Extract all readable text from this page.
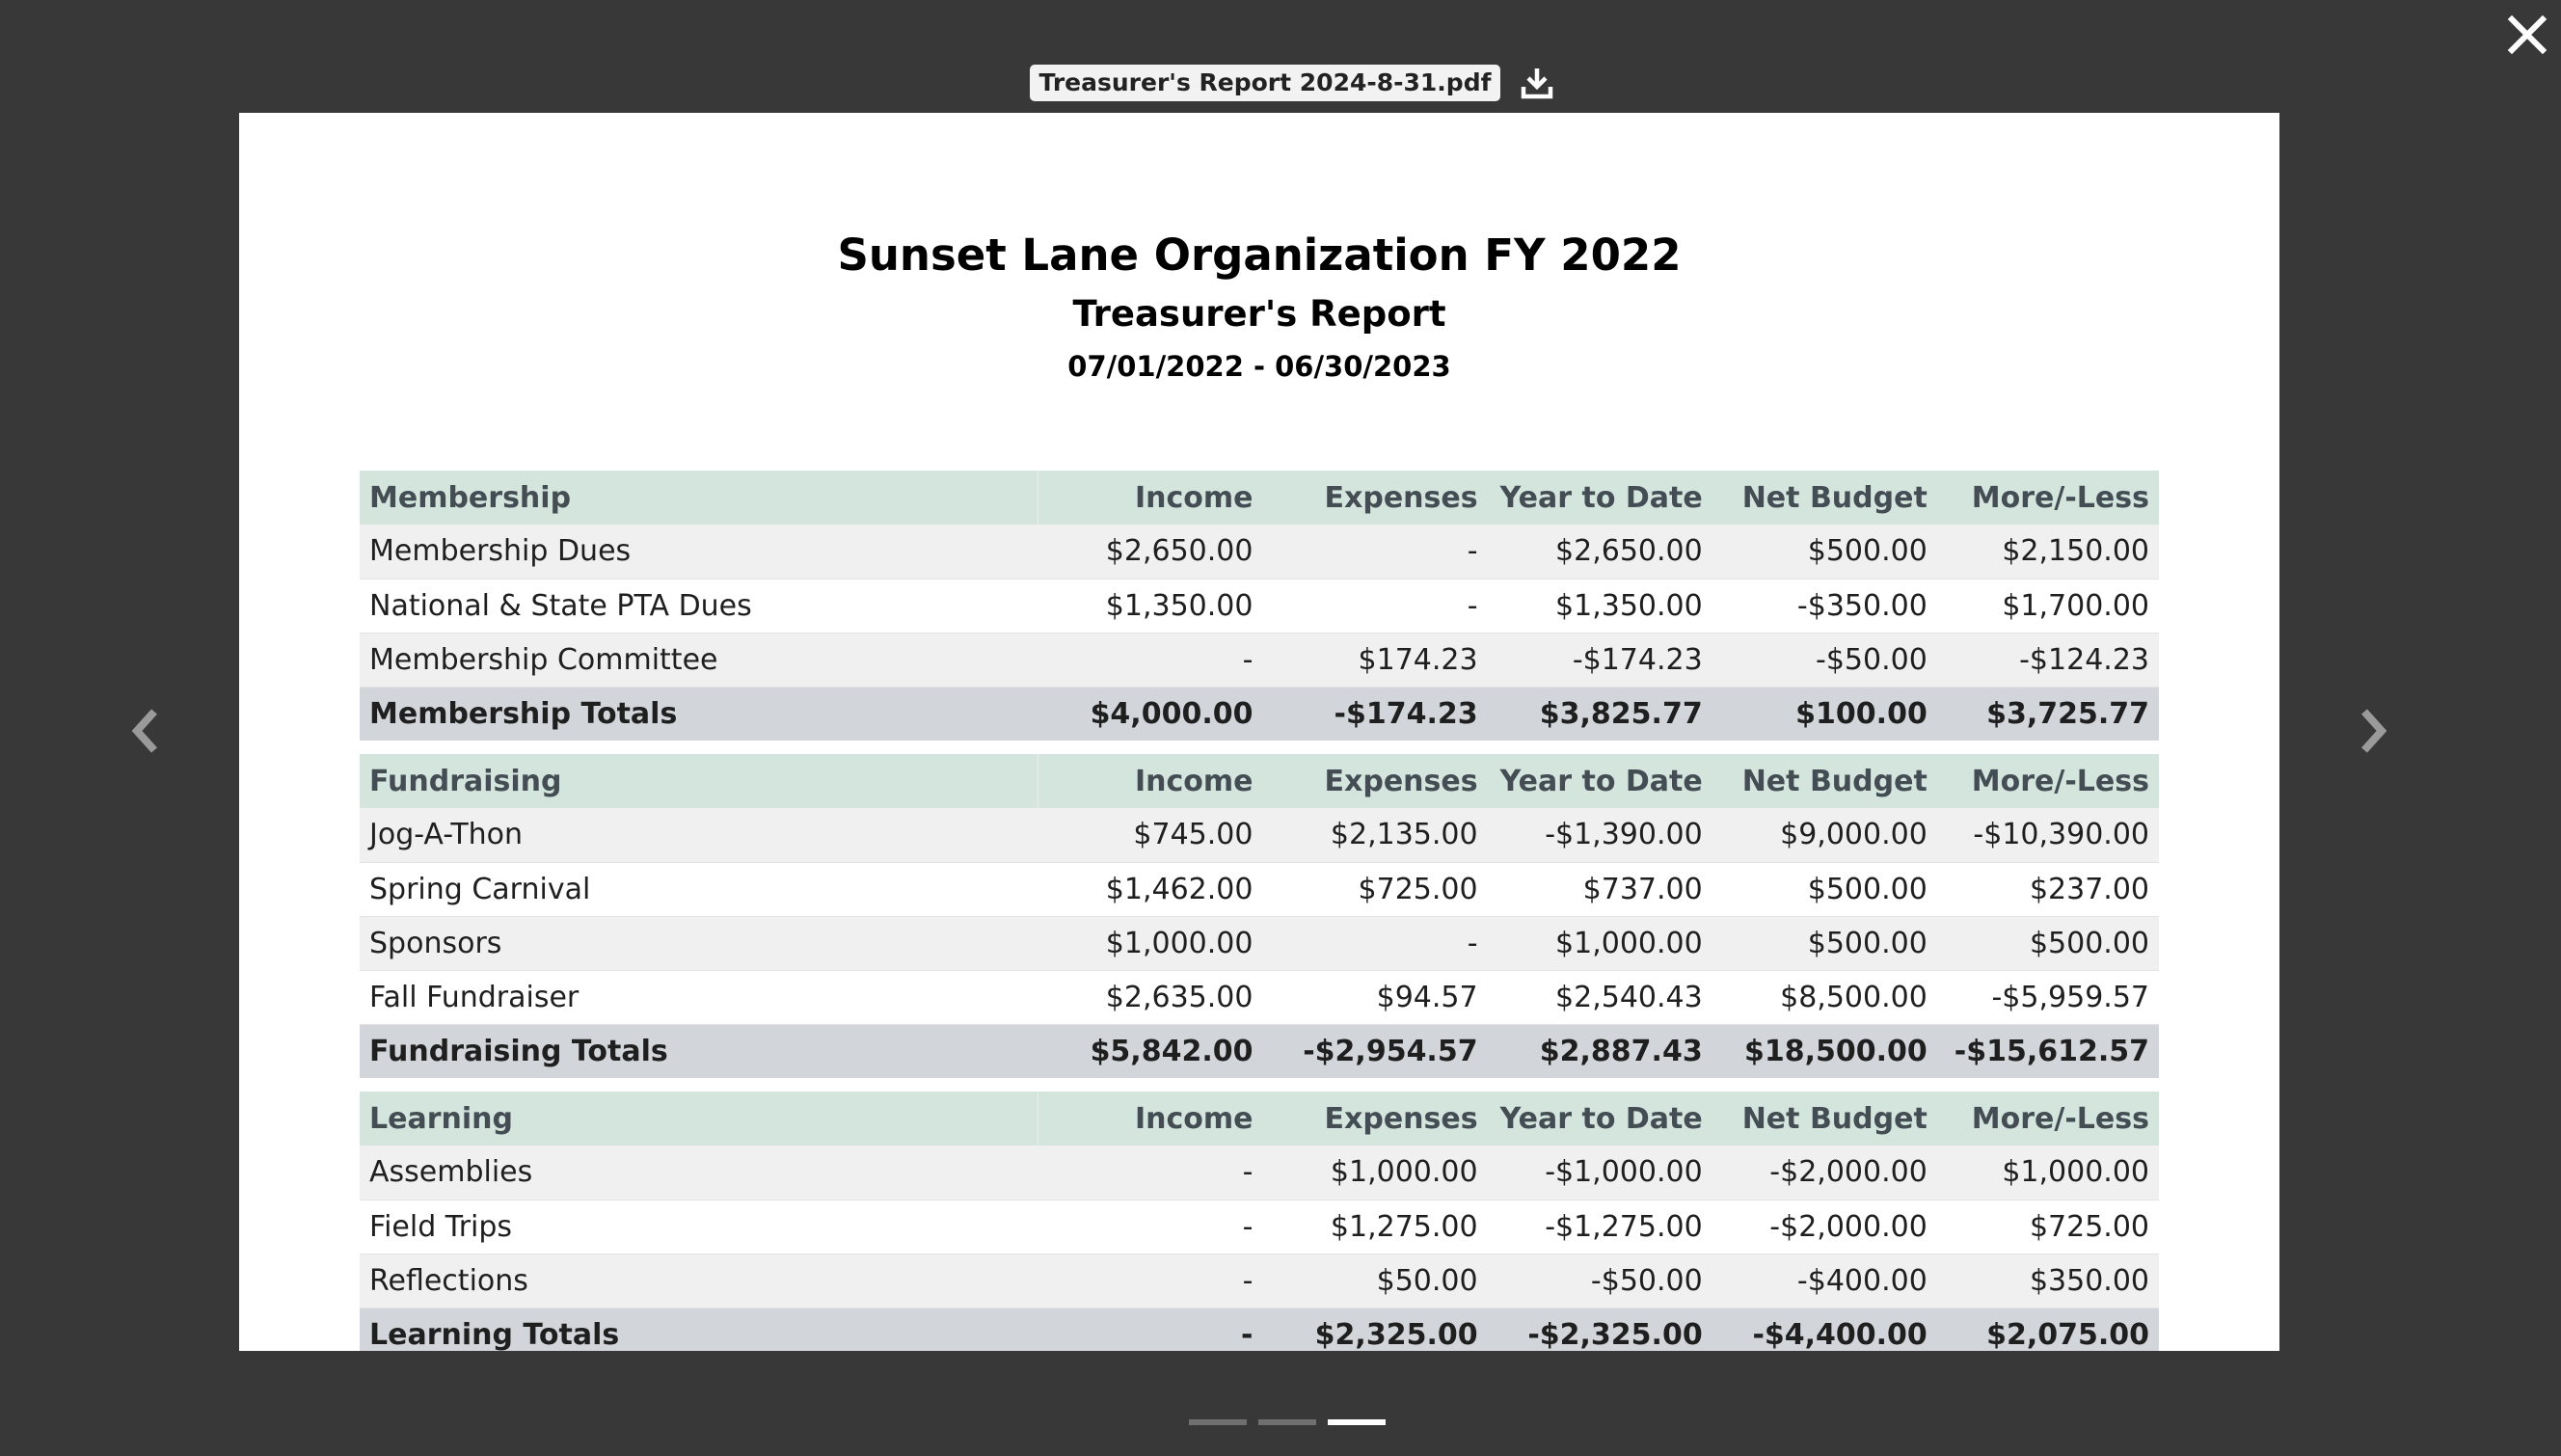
Treasurer's Report 2024-8-31.pdf
Sunset Lane Organization FY 2022
Treasurer's Report
07/01/2022 - 06/30/2023
Membership	Income	Expenses	Year to Date	Net Budget	More/-Less
Membership Dues	$2,650.00	-	$2,650.00	$500.00	$2,150.00
National & State PTA Dues	$1,350.00	-	$1,350.00	-$350.00	$1,700.00
Membership Committee	-	$174.23	-$174.23	-$50.00	-$124.23
Membership Totals	$4,000.00	-$174.23	$3,825.77	$100.00	$3,725.77
Fundraising	Income	Expenses	Year to Date	Net Budget	More/-Less
Jog-A-Thon	$745.00	$2,135.00	-$1,390.00	$9,000.00	-$10,390.00
Spring Carnival	$1,462.00	$725.00	$737.00	$500.00	$237.00
Sponsors	$1,000.00	-	$1,000.00	$500.00	$500.00
Fall Fundraiser	$2,635.00	$94.57	$2,540.43	$8,500.00	-$5,959.57
Fundraising Totals	$5,842.00	-$2,954.57	$2,887.43	$18,500.00	-$15,612.57
Learning	Income	Expenses	Year to Date	Net Budget	More/-Less
Assemblies	-	$1,000.00	-$1,000.00	-$2,000.00	$1,000.00
Field Trips	-	$1,275.00	-$1,275.00	-$2,000.00	$725.00
Reflections	-	$50.00	-$50.00	-$400.00	$350.00
Learning Totals	-	$2,325.00	-$2,325.00	-$4,400.00	$2,075.00
